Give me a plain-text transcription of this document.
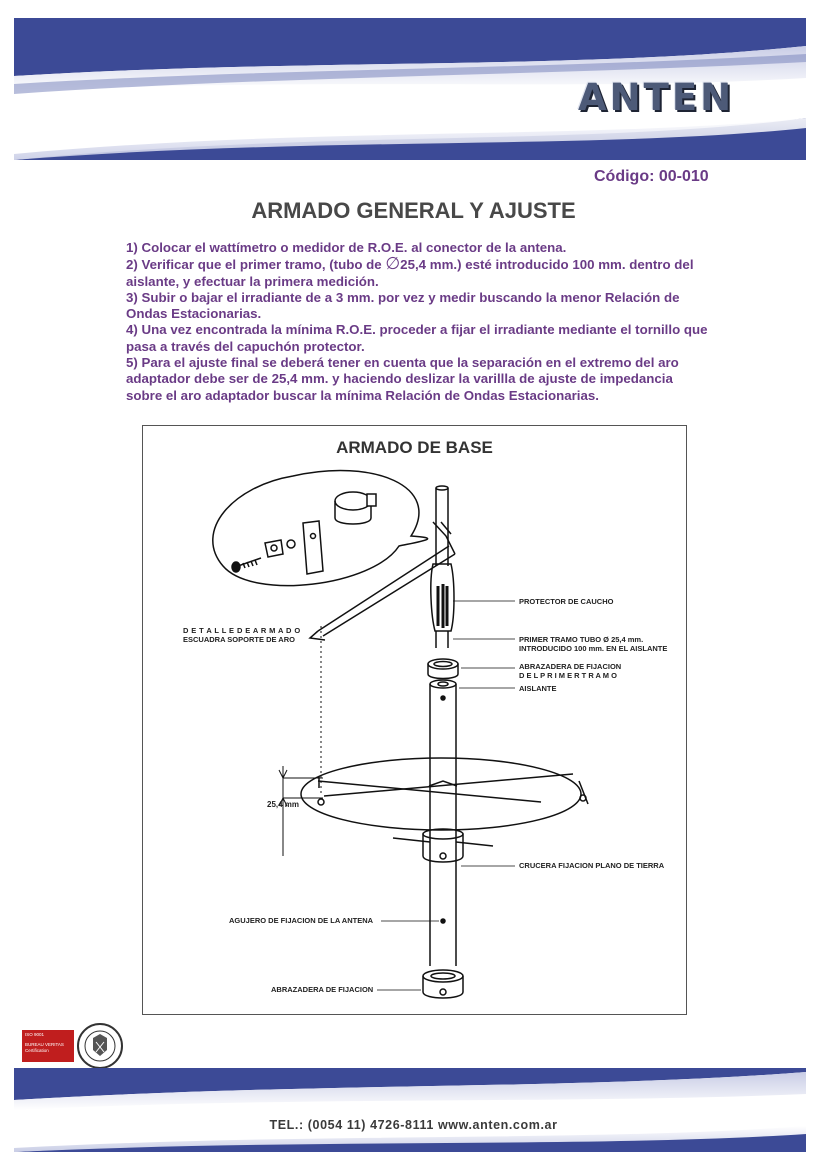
ANTEN
Código: 00-010
ARMADO GENERAL Y AJUSTE

1) Colocar el wattímetro o medidor de R.O.E. al conector de la antena.

2) Verificar que el primer tramo, (tubo de ∅25,4 mm.) esté introducido 100 mm. dentro del aislante, y efectuar la primera medición.

3) Subir o bajar el irradiante de a 3 mm. por vez y medir buscando la menor Relación de Ondas Estacionarias.

4) Una vez encontrada la mínima R.O.E. proceder a fijar el irradiante mediante el tornillo que pasa a través del capuchón protector.

5) Para el ajuste final se deberá tener en cuenta que la separación en el extremo del aro adaptador debe ser de 25,4 mm. y haciendo deslizar la varillla de ajuste de impedancia sobre el aro adaptador buscar la mínima Relación de Ondas Estacionarias.

ARMADO DE BASE
D E T A L L E D E A R M A D O
ESCUADRA SOPORTE DE ARO
PROTECTOR DE CAUCHO
PRIMER TRAMO TUBO Ø 25,4 mm.
INTRODUCIDO 100 mm. EN EL AISLANTE
ABRAZADERA DE FIJACION
D E L P R I M E R T R A M O
AISLANTE
25,4 mm
CRUCERA FIJACION PLANO DE TIERRA
AGUJERO DE FIJACION DE LA ANTENA
ABRAZADERA DE FIJACION
ISO 9001
BUREAU VERITAS
Certification
TEL.: (0054 11) 4726-8111 www.anten.com.ar
